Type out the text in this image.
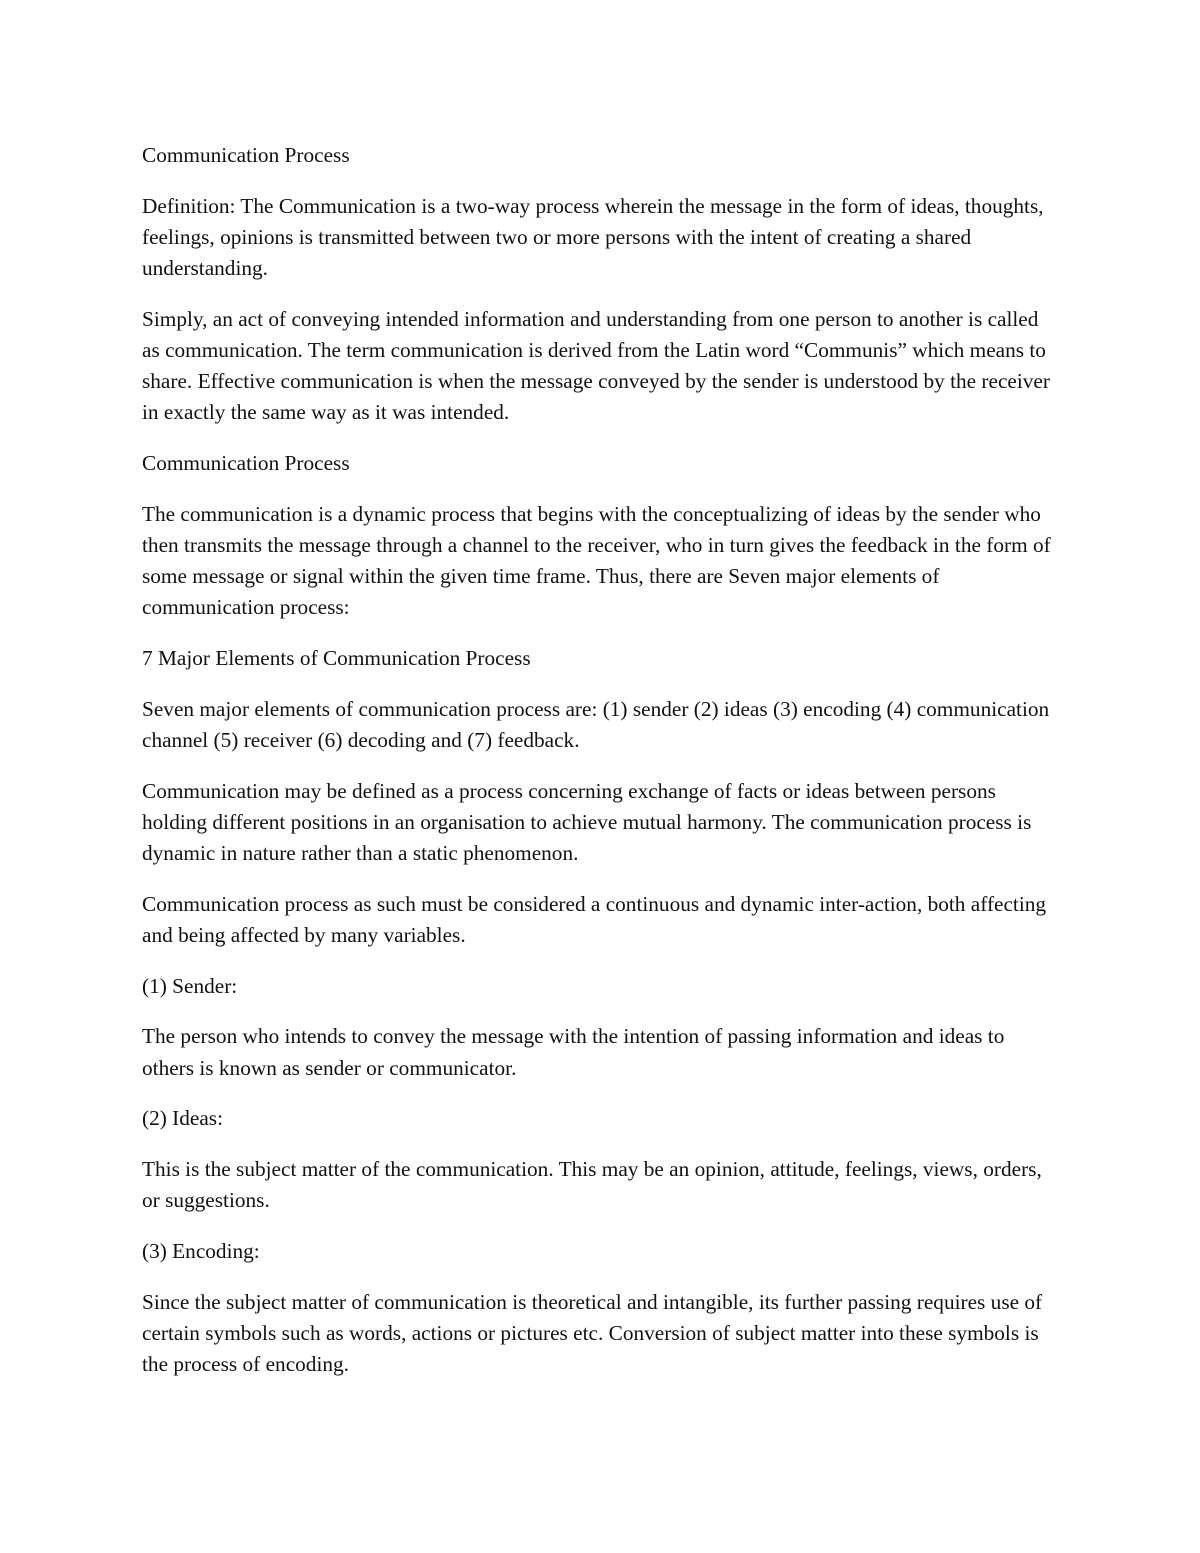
Communication Process

Definition: The Communication is a two-way process wherein the message in the form of ideas, thoughts, feelings, opinions is transmitted between two or more persons with the intent of creating a shared understanding.

Simply, an act of conveying intended information and understanding from one person to another is called as communication. The term communication is derived from the Latin word “Communis” which means to share. Effective communication is when the message conveyed by the sender is understood by the receiver in exactly the same way as it was intended.

Communication Process

The communication is a dynamic process that begins with the conceptualizing of ideas by the sender who then transmits the message through a channel to the receiver, who in turn gives the feedback in the form of some message or signal within the given time frame. Thus, there are Seven major elements of communication process:

7 Major Elements of Communication Process

Seven major elements of communication process are: (1) sender (2) ideas (3) encoding (4) communication channel (5) receiver (6) decoding and (7) feedback.

Communication may be defined as a process concerning exchange of facts or ideas between persons holding different positions in an organisation to achieve mutual harmony. The communication process is dynamic in nature rather than a static phenomenon.

Communication process as such must be considered a continuous and dynamic inter-action, both affecting and being affected by many variables.

(1) Sender:

The person who intends to convey the message with the intention of passing information and ideas to others is known as sender or communicator.

(2) Ideas:

This is the subject matter of the communication. This may be an opinion, attitude, feelings, views, orders, or suggestions.

(3) Encoding:

Since the subject matter of communication is theoretical and intangible, its further passing requires use of certain symbols such as words, actions or pictures etc. Conversion of subject matter into these symbols is the process of encoding.
